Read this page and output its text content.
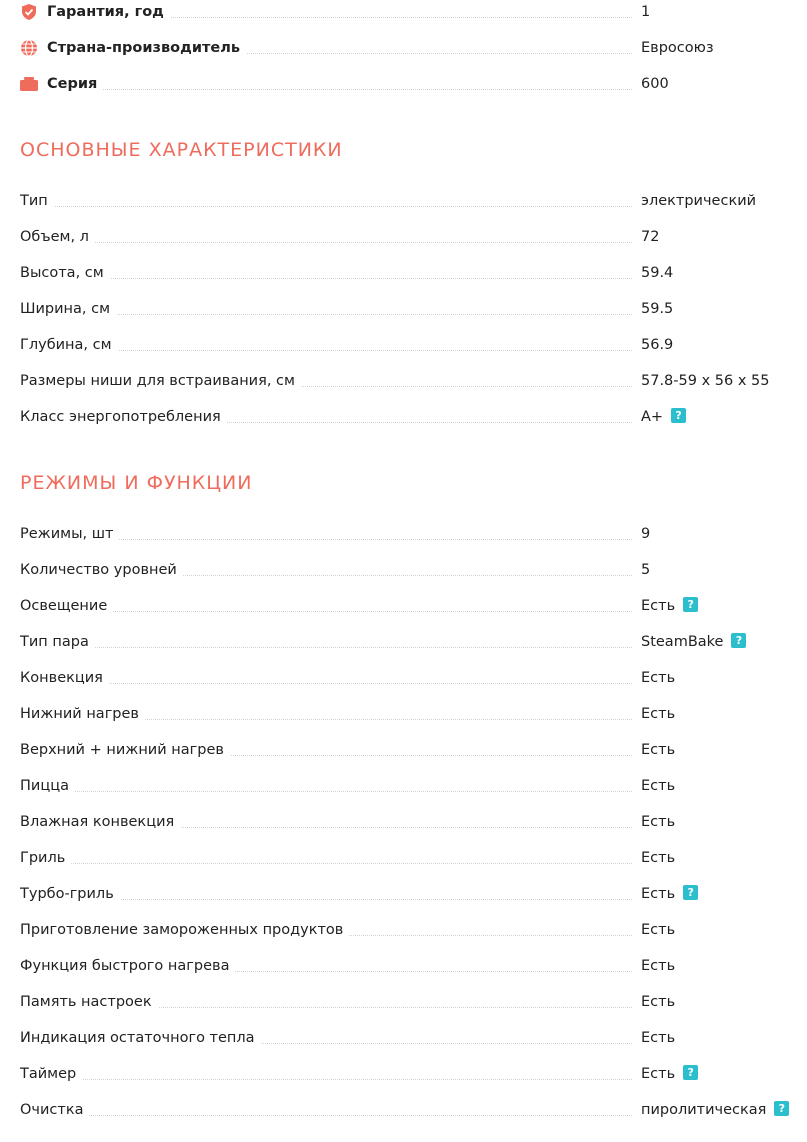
Гарантия, год	1
Страна-производитель	Евросоюз
Серия	600
ОСНОВНЫЕ ХАРАКТЕРИСТИКИ
Тип	электрический
Объем, л	72
Высота, см	59.4
Ширина, см	59.5
Глубина, см	56.9
Размеры ниши для встраивания, см	57.8-59 x 56 x 55
Класс энергопотребления	A+ ?
РЕЖИМЫ И ФУНКЦИИ
Режимы, шт	9
Количество уровней	5
Освещение	Есть ?
Тип пара	SteamBake ?
Конвекция	Есть
Нижний нагрев	Есть
Верхний + нижний нагрев	Есть
Пицца	Есть
Влажная конвекция	Есть
Гриль	Есть
Турбо-гриль	Есть ?
Приготовление замороженных продуктов	Есть
Функция быстрого нагрева	Есть
Память настроек	Есть
Индикация остаточного тепла	Есть
Таймер	Есть ?
Очистка	пиролитическая ?
